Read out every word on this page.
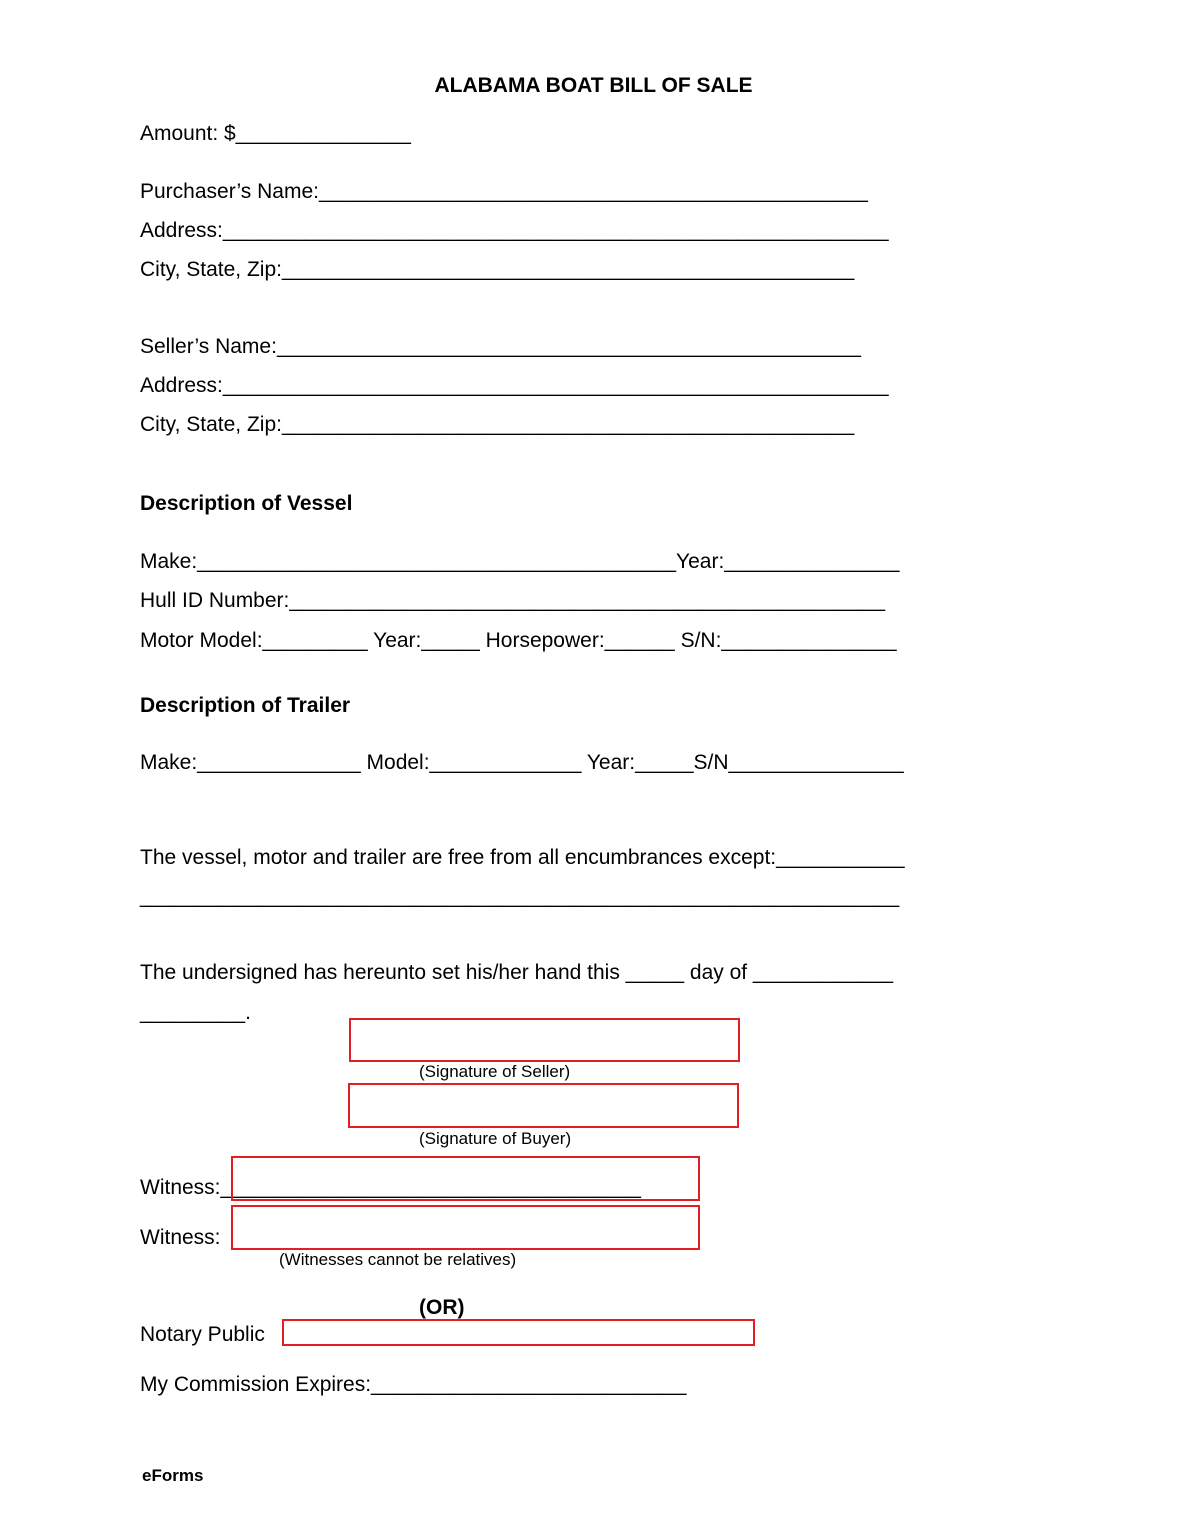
ALABAMA BOAT BILL OF SALE
Amount: $_______________
Purchaser’s Name:_______________________________________________
Address:_________________________________________________________
City, State, Zip:_________________________________________________
Seller’s Name:__________________________________________________
Address:_________________________________________________________
City, State, Zip:_________________________________________________
Description of Vessel
Make:_________________________________________Year:_______________
Hull ID Number:___________________________________________________
Motor Model:_________ Year:_____ Horsepower:______ S/N:_______________
Description of Trailer
Make:______________ Model:_____________ Year:_____S/N_______________
The vessel, motor and trailer are free from all encumbrances except:___________
_________________________________________________________________
The undersigned has hereunto set his/her hand this _____ day of ____________
_________.
(Signature of Seller)
(Signature of Buyer)
Witness:____________________________________
Witness:
(Witnesses cannot be relatives)
(OR)
Notary Public
My Commission Expires:___________________________
eForms
